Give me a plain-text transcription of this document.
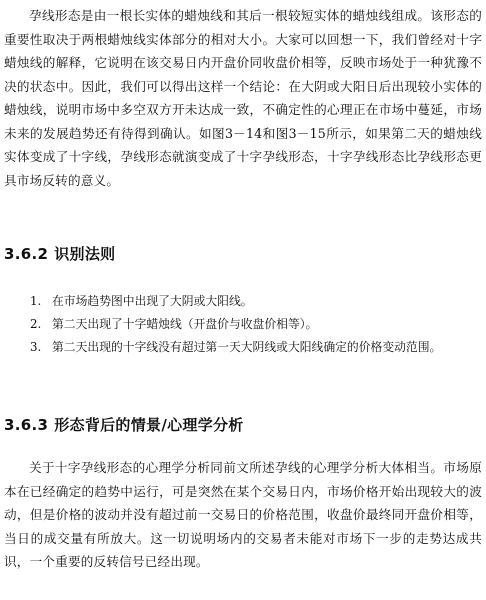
孕线形态是由一根长实体的蜡烛线和其后一根较短实体的蜡烛线组成。该形态的重要性取决于两根蜡烛线实体部分的相对大小。大家可以回想一下，我们曾经对十字蜡烛线的解释，它说明在该交易日内开盘价同收盘价相等，反映市场处于一种犹豫不决的状态中。因此，我们可以得出这样一个结论：在大阴或大阳日后出现较小实体的蜡烛线，说明市场中多空双方开未达成一致，不确定性的心理正在市场中蔓延，市场未来的发展趋势还有待得到确认。如图3－14和图3－15所示，如果第二天的蜡烛线实体变成了十字线，孕线形态就演变成了十字孕线形态，十字孕线形态比孕线形态更具市场反转的意义。

3.6.2 识别法则
1. 在市场趋势图中出现了大阴或大阳线。
2. 第二天出现了十字蜡烛线（开盘价与收盘价相等）。
3. 第二天出现的十字线没有超过第一天大阴线或大阳线确定的价格变动范围。
3.6.3 形态背后的情景/心理学分析

关于十字孕线形态的心理学分析同前文所述孕线的心理学分析大体相当。市场原本在已经确定的趋势中运行，可是突然在某个交易日内，市场价格开始出现较大的波动，但是价格的波动并没有超过前一交易日的价格范围，收盘价最终同开盘价相等，当日的成交量有所放大。这一切说明场内的交易者未能对市场下一步的走势达成共识，一个重要的反转信号已经出现。
